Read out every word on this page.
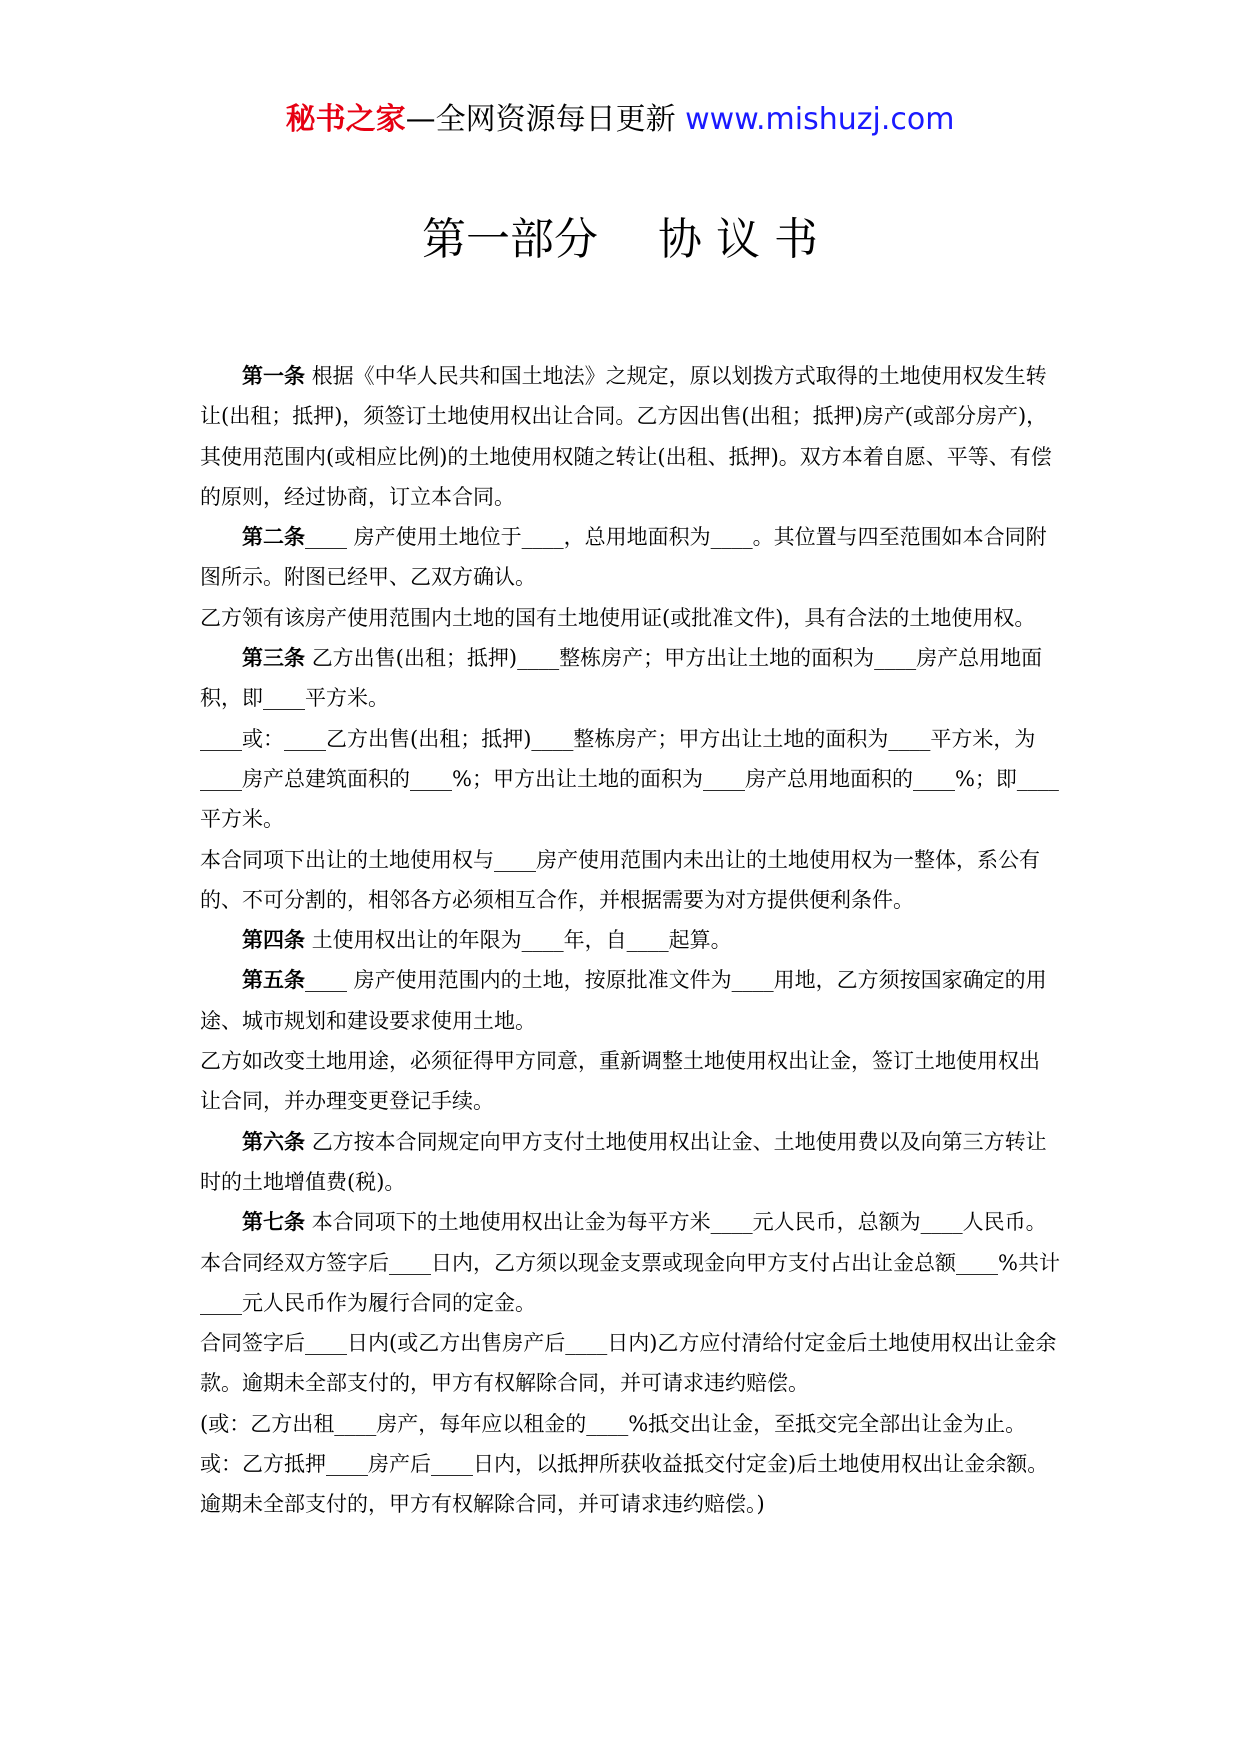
秘书之家—全网资源每日更新 www.mishuzj.com
第一部分 协 议 书

第一条 根据《中华人民共和国土地法》之规定，原以划拨方式取得的土地使用权发生转让(出租；抵押)，须签订土地使用权出让合同。乙方因出售(出租；抵押)房产(或部分房产)，其使用范围内(或相应比例)的土地使用权随之转让(出租、抵押)。双方本着自愿、平等、有偿的原则，经过协商，订立本合同。

第二条____ 房产使用土地位于____，总用地面积为____。其位置与四至范围如本合同附图所示。附图已经甲、乙双方确认。

乙方领有该房产使用范围内土地的国有土地使用证(或批准文件)，具有合法的土地使用权。

第三条 乙方出售(出租；抵押)____整栋房产；甲方出让土地的面积为____房产总用地面积，即____平方米。

____或：____乙方出售(出租；抵押)____整栋房产；甲方出让土地的面积为____平方米，为____房产总建筑面积的____%；甲方出让土地的面积为____房产总用地面积的____%；即____平方米。

本合同项下出让的土地使用权与____房产使用范围内未出让的土地使用权为一整体，系公有的、不可分割的，相邻各方必须相互合作，并根据需要为对方提供便利条件。

第四条 土使用权出让的年限为____年，自____起算。

第五条____ 房产使用范围内的土地，按原批准文件为____用地，乙方须按国家确定的用途、城市规划和建设要求使用土地。

乙方如改变土地用途，必须征得甲方同意，重新调整土地使用权出让金，签订土地使用权出让合同，并办理变更登记手续。

第六条 乙方按本合同规定向甲方支付土地使用权出让金、土地使用费以及向第三方转让时的土地增值费(税)。

第七条 本合同项下的土地使用权出让金为每平方米____元人民币，总额为____人民币。

本合同经双方签字后____日内，乙方须以现金支票或现金向甲方支付占出让金总额____%共计____元人民币作为履行合同的定金。

合同签字后____日内(或乙方出售房产后____日内)乙方应付清给付定金后土地使用权出让金余款。逾期未全部支付的，甲方有权解除合同，并可请求违约赔偿。

(或：乙方出租____房产，每年应以租金的____%抵交出让金，至抵交完全部出让金为止。或：乙方抵押____房产后____日内，以抵押所获收益抵交付定金)后土地使用权出让金余额。逾期未全部支付的，甲方有权解除合同，并可请求违约赔偿。)
